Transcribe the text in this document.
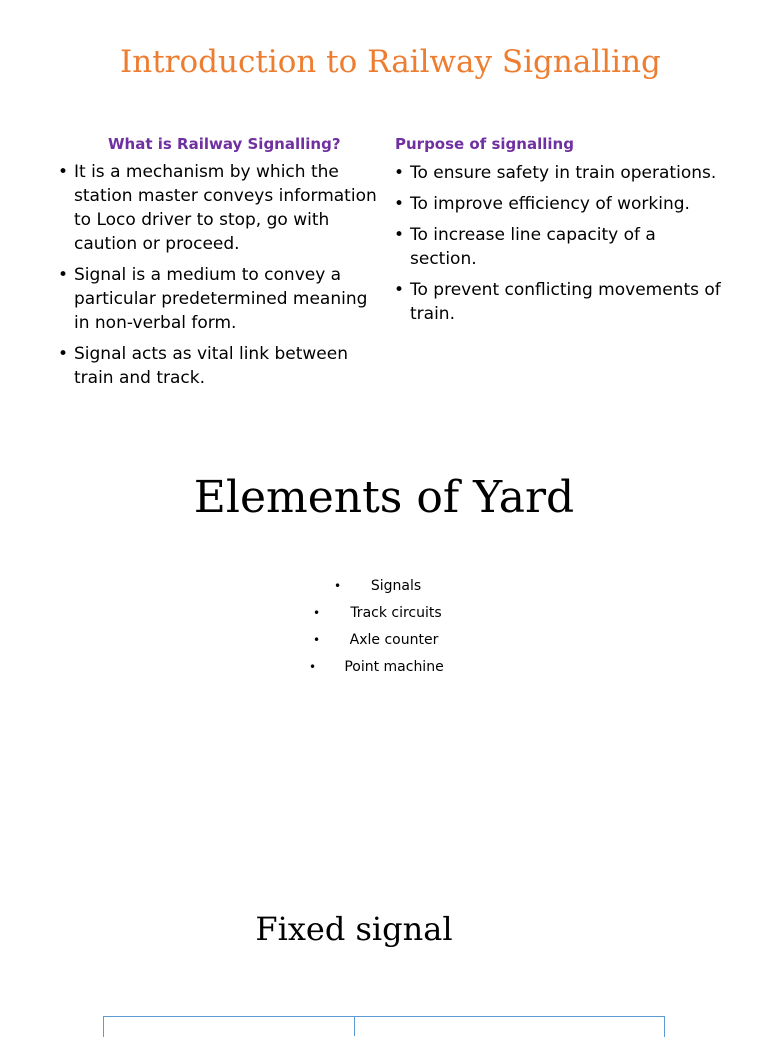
Introduction to Railway Signalling
What is Railway Signalling?
• It is a mechanism by which the station master conveys information to Loco driver to stop, go with caution or proceed.
• Signal is a medium to convey a particular predetermined meaning in non-verbal form.
• Signal acts as vital link between train and track.
Purpose of signalling
• To ensure safety in train operations.
• To improve efficiency of working.
• To increase line capacity of a section.
• To prevent conflicting movements of train.
Elements of Yard
• Signals
• Track circuits
• Axle counter
• Point machine
Fixed signal
